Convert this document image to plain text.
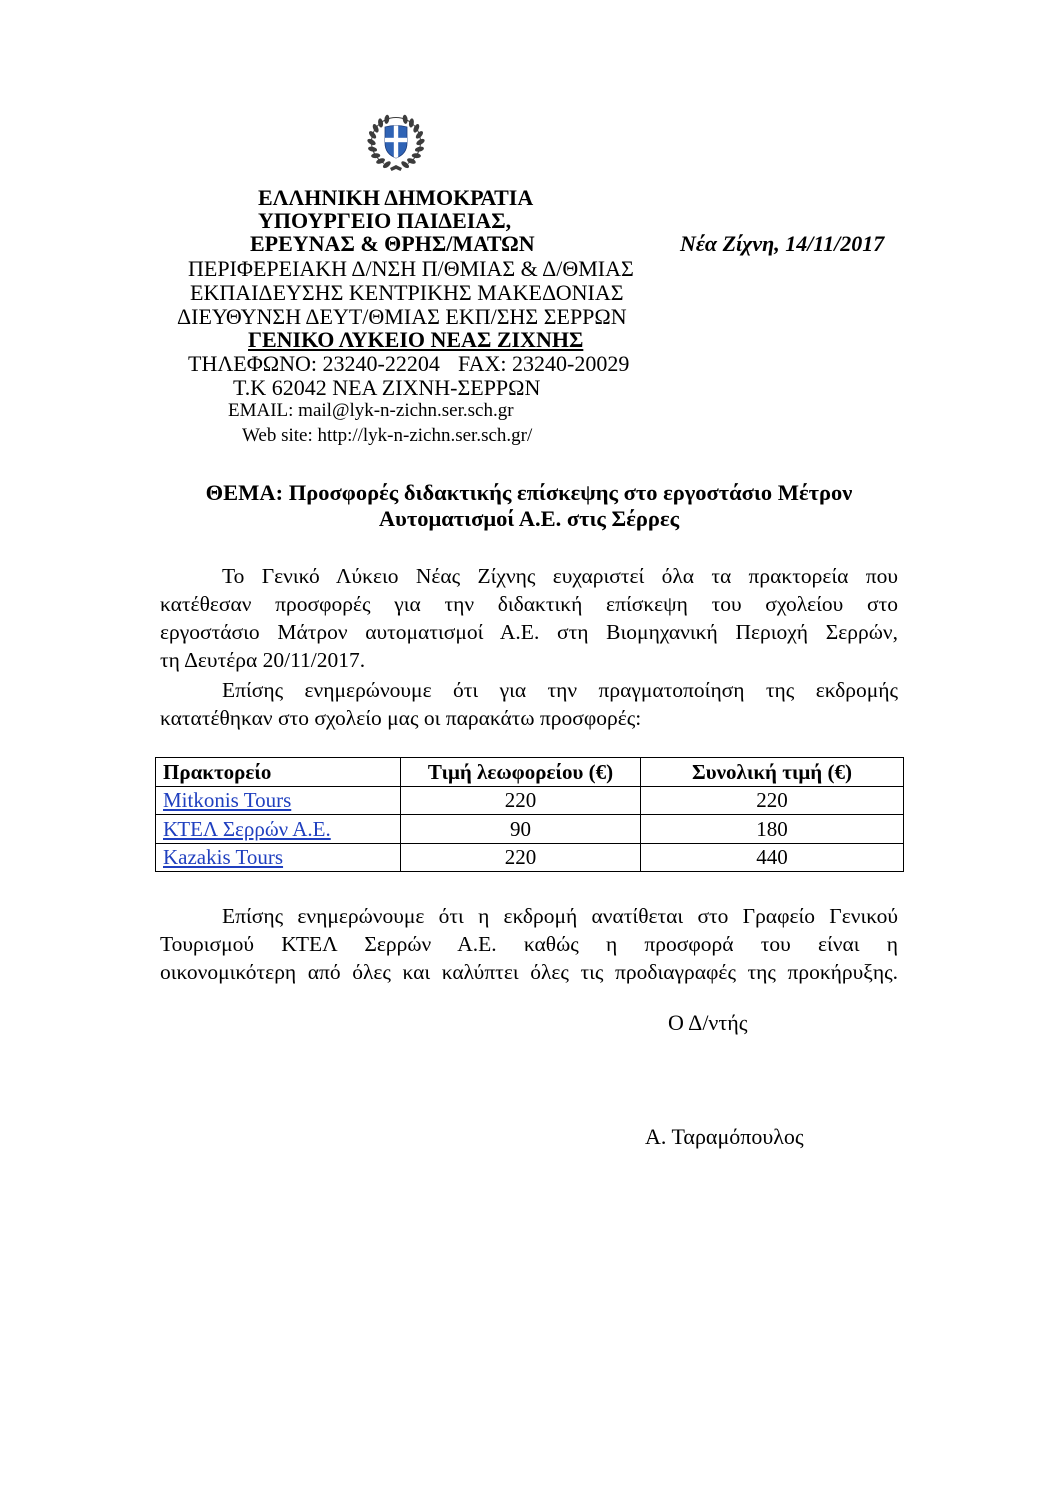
ΕΛΛΗΝΙΚΗ ΔΗΜΟΚΡΑΤΙΑ
ΥΠΟΥΡΓΕΙΟ ΠΑΙΔΕΙΑΣ,
ΕΡΕΥΝΑΣ & ΘΡΗΣ/ΜΑΤΩΝ	Νέα Ζίχνη, 14/11/2017
ΠΕΡΙΦΕΡΕΙΑΚΗ Δ/ΝΣΗ Π/ΘΜΙΑΣ & Δ/ΘΜΙΑΣ
ΕΚΠΑΙΔΕΥΣΗΣ ΚΕΝΤΡΙΚΗΣ ΜΑΚΕΔΟΝΙΑΣ
ΔΙΕΥΘΥΝΣΗ ΔΕΥΤ/ΘΜΙΑΣ ΕΚΠ/ΣΗΣ ΣΕΡΡΩΝ
ΓΕΝΙΚΟ ΛΥΚΕΙΟ ΝΕΑΣ ΖΙΧΝΗΣ
ΤΗΛΕΦΩΝΟ: 23240-22204 FAX: 23240-20029
Τ.Κ 62042 ΝΕΑ ΖΙΧΝΗ-ΣΕΡΡΩΝ
EMAIL: mail@lyk-n-zichn.ser.sch.gr
Web site: http://lyk-n-zichn.ser.sch.gr/
ΘΕΜΑ: Προσφορές διδακτικής επίσκεψης στο εργοστάσιο Μέτρον
Αυτοματισμοί Α.Ε. στις Σέρρες
Το Γενικό Λύκειο Νέας Ζίχνης ευχαριστεί όλα τα πρακτορεία που
κατέθεσαν προσφορές για την διδακτική επίσκεψη του σχολείου στο
εργοστάσιο Μάτρον αυτοματισμοί Α.Ε. στη Βιομηχανική Περιοχή Σερρών,
τη Δευτέρα 20/11/2017.
Επίσης ενημερώνουμε ότι για την πραγματοποίηση της εκδρομής
κατατέθηκαν στο σχολείο μας οι παρακάτω προσφορές:
Πρακτορείο	Τιμή λεωφορείου (€)	Συνολική τιμή (€)
Mitkonis Tours	220	220
ΚΤΕΛ Σερρών Α.Ε.	90	180
Kazakis Tours	220	440
Επίσης ενημερώνουμε ότι η εκδρομή ανατίθεται στο Γραφείο Γενικού
Τουρισμού ΚΤΕΛ Σερρών Α.Ε. καθώς η προσφορά του είναι η
οικονομικότερη από όλες και καλύπτει όλες τις προδιαγραφές της προκήρυξης.
Ο Δ/ντής
Α. Ταραμόπουλος
